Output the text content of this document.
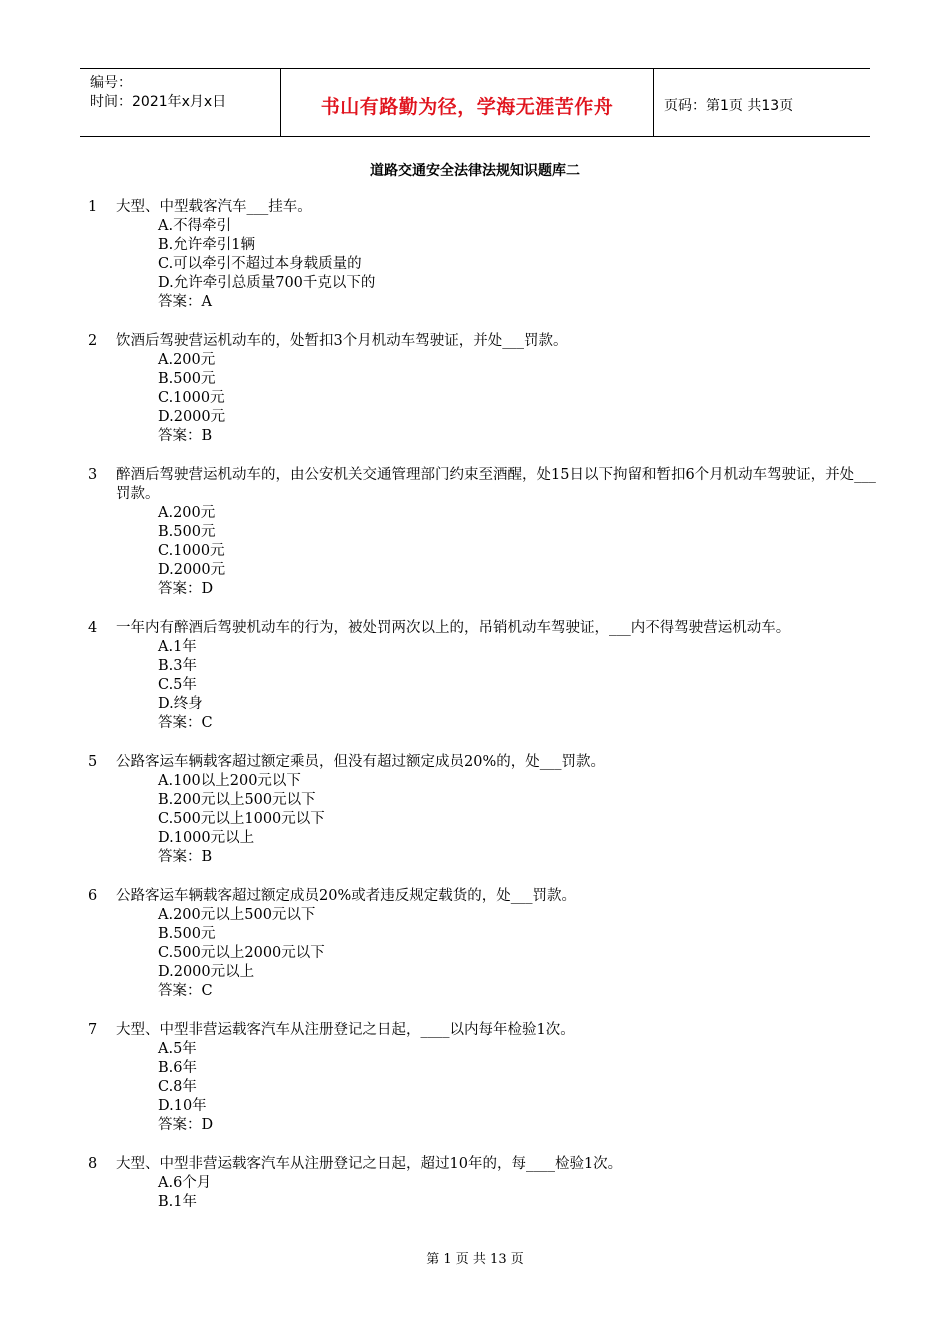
编号：
时间：2021年x月x日	书山有路勤为径，学海无涯苦作舟	页码：第1页 共13页
道路交通安全法律法规知识题库二
1	大型、中型载客汽车___挂车。
A.不得牵引
B.允许牵引1辆
C.可以牵引不超过本身载质量的
D.允许牵引总质量700千克以下的
答案：A
2	饮酒后驾驶营运机动车的，处暂扣3个月机动车驾驶证，并处___罚款。
A.200元
B.500元
C.1000元
D.2000元
答案：B
3	醉酒后驾驶营运机动车的，由公安机关交通管理部门约束至酒醒，处15日以下拘留和暂扣6个月机动车驾驶证，并处___罚款。
A.200元
B.500元
C.1000元
D.2000元
答案：D
4	一年内有醉酒后驾驶机动车的行为，被处罚两次以上的，吊销机动车驾驶证，___内不得驾驶营运机动车。
A.1年
B.3年
C.5年
D.终身
答案：C
5	公路客运车辆载客超过额定乘员，但没有超过额定成员20%的，处___罚款。
A.100以上200元以下
B.200元以上500元以下
C.500元以上1000元以下
D.1000元以上
答案：B
6	公路客运车辆载客超过额定成员20%或者违反规定载货的，处___罚款。
A.200元以上500元以下
B.500元
C.500元以上2000元以下
D.2000元以上
答案：C
7	大型、中型非营运载客汽车从注册登记之日起，____以内每年检验1次。
A.5年
B.6年
C.8年
D.10年
答案：D
8	大型、中型非营运载客汽车从注册登记之日起，超过10年的，每____检验1次。
A.6个月
B.1年
第 1 页 共 13 页
